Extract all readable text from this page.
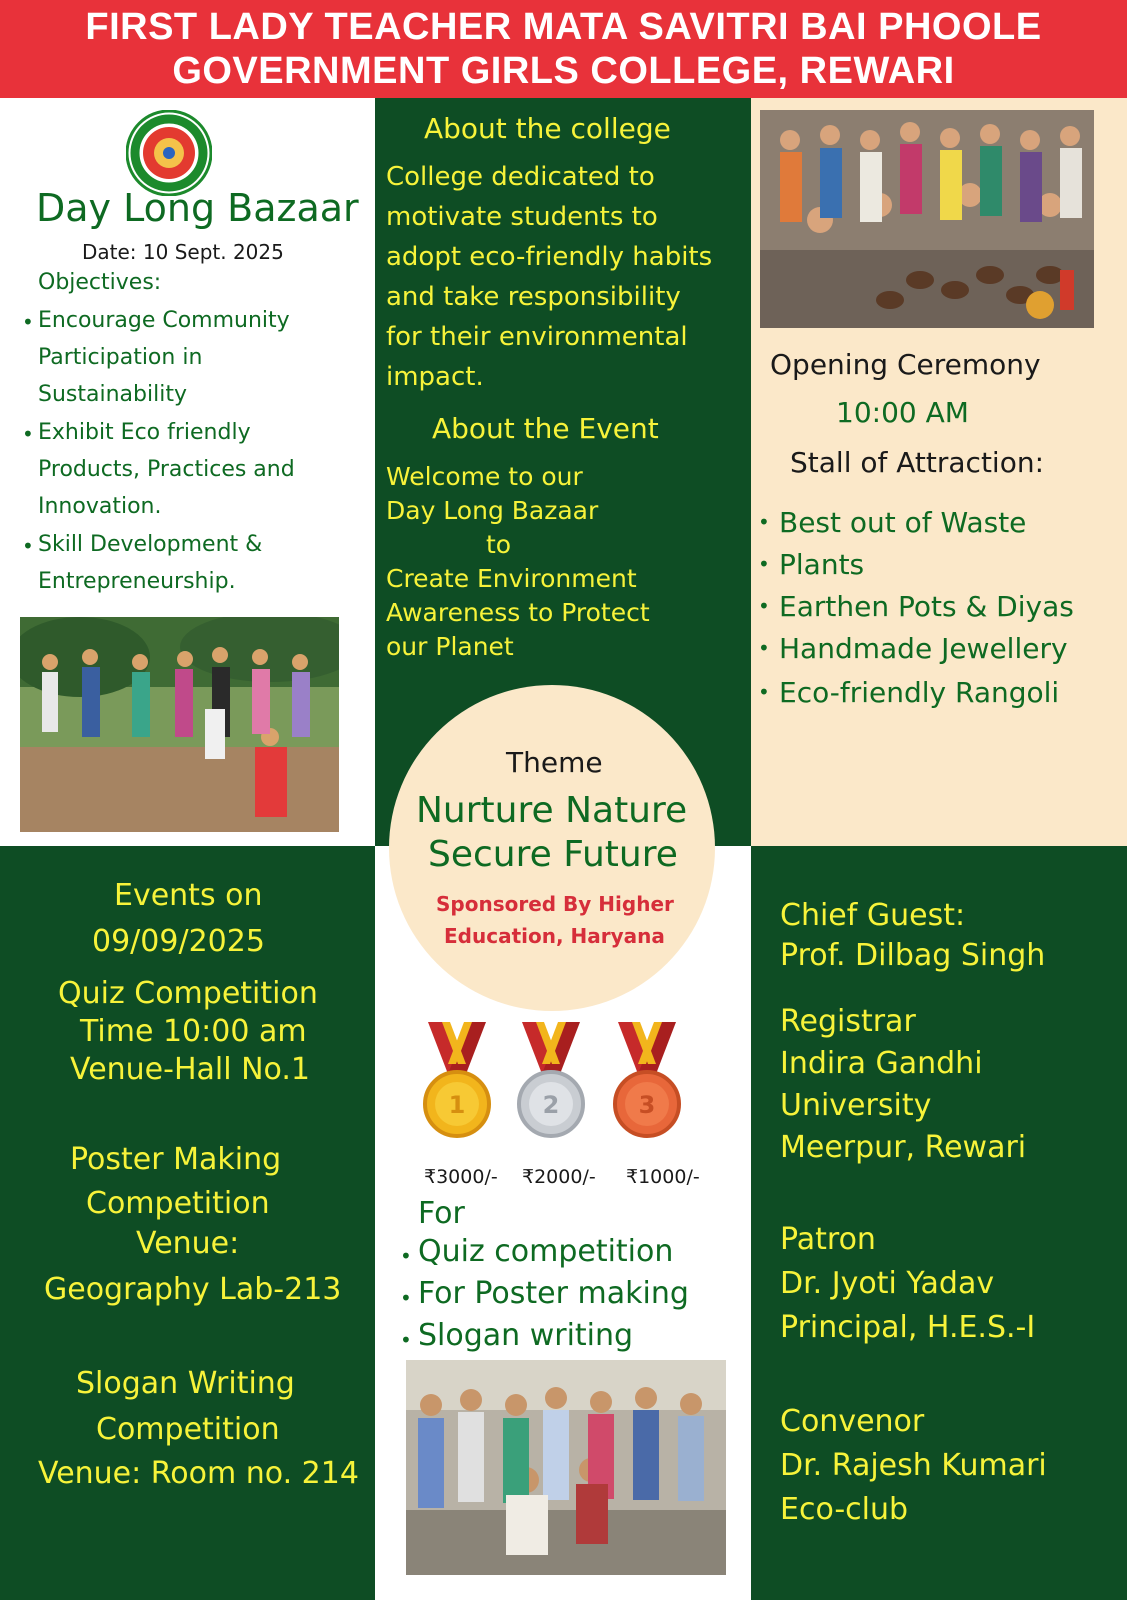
FIRST LADY TEACHER MATA SAVITRI BAI PHOOLE
GOVERNMENT GIRLS COLLEGE, REWARI
Day Long Bazaar
Date: 10 Sept. 2025
Objectives:
• Encourage Community
Participation in
Sustainability
• Exhibit Eco friendly
Products, Practices and
Innovation.
• Skill Development &
Entrepreneurship.
About the college
College dedicated to
motivate students to
adopt eco-friendly habits
and take responsibility
for their environmental
impact.
About the Event
Welcome to our
Day Long Bazaar
to
Create Environment
Awareness to Protect
our Planet
Opening Ceremony
10:00 AM
Stall of Attraction:
• Best out of Waste
• Plants
• Earthen Pots & Diyas
• Handmade Jewellery
• Eco-friendly Rangoli
Theme
Nurture Nature
Secure Future
Sponsored By Higher
Education, Haryana
Events on
09/09/2025
Quiz Competition
Time 10:00 am
Venue-Hall No.1
Poster Making
Competition
Venue:
Geography Lab-213
Slogan Writing
Competition
Venue: Room no. 214
1	2	3
₹3000/- ₹2000/- ₹1000/-
For
• Quiz competition
• For Poster making
• Slogan writing
Chief Guest:
Prof. Dilbag Singh
Registrar
Indira Gandhi
University
Meerpur, Rewari
Patron
Dr. Jyoti Yadav
Principal, H.E.S.-I
Convenor
Dr. Rajesh Kumari
Eco-club
